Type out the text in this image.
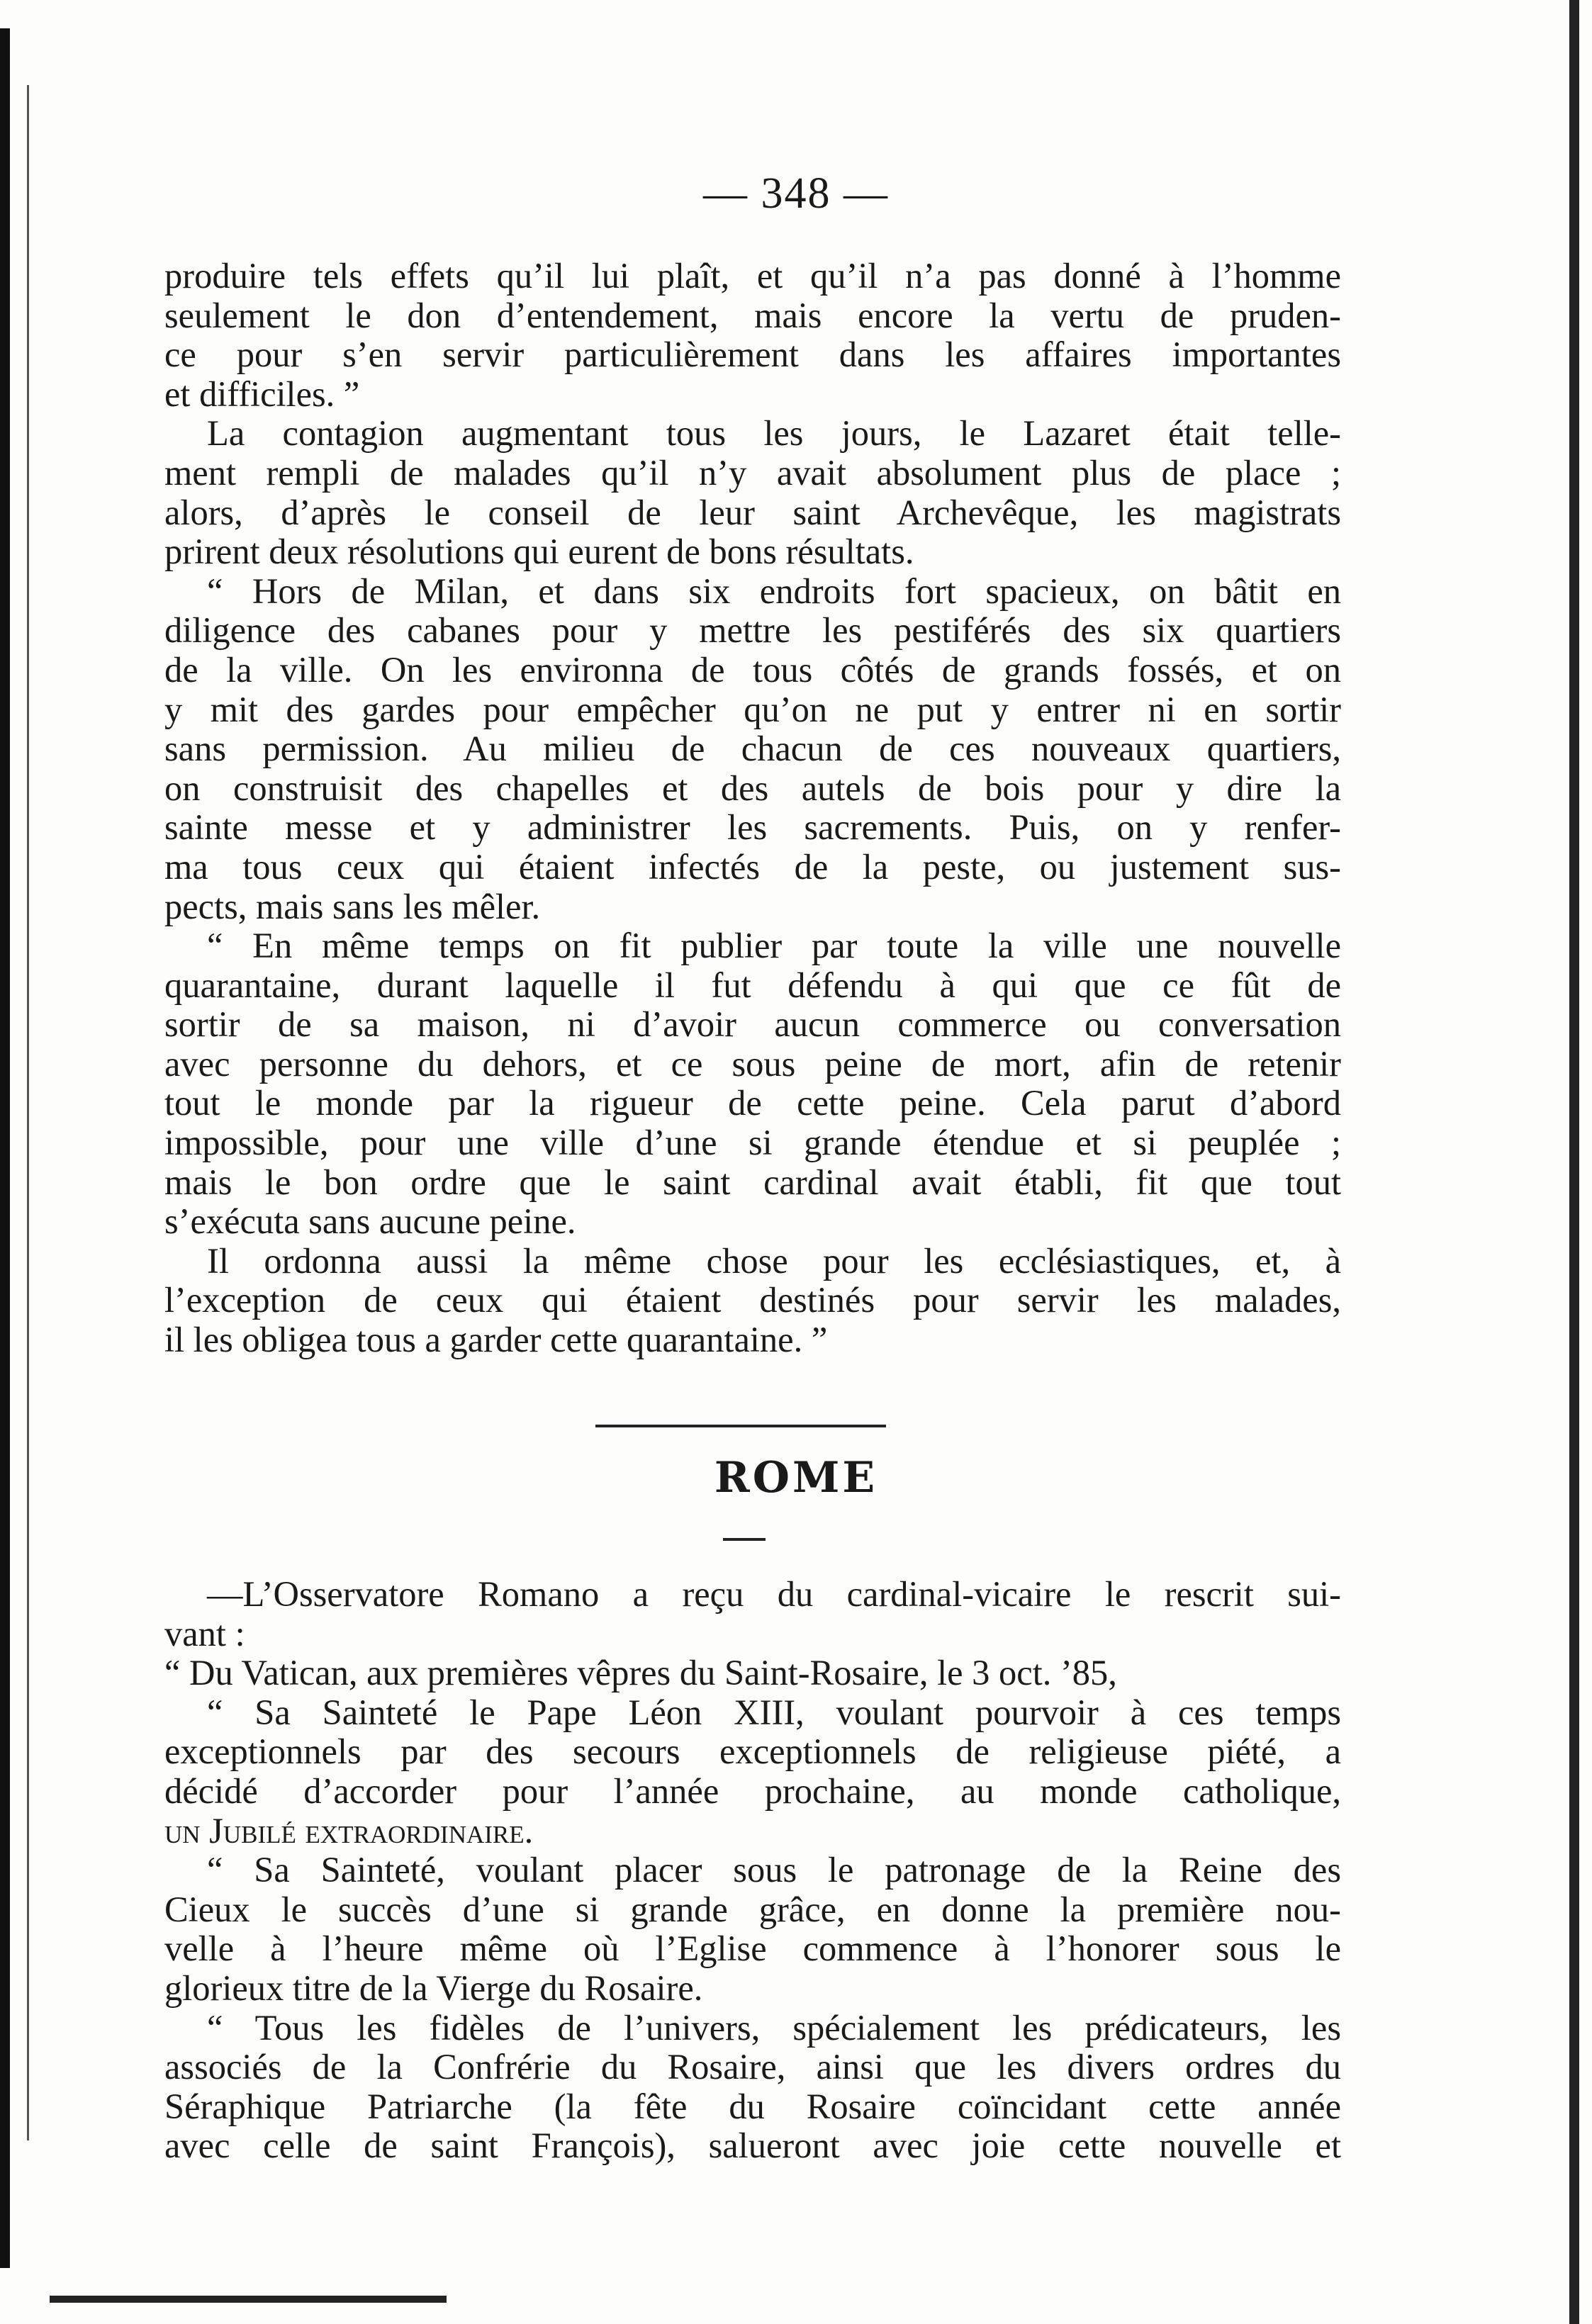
— 348 —

produire tels effets qu’il lui plaît, et qu’il n’a pas donné à l’homme
seulement le don d’entendement, mais encore la vertu de pruden-
ce pour s’en servir particulièrement dans les affaires importantes
et difficiles. ”

La contagion augmentant tous les jours, le Lazaret était telle-
ment rempli de malades qu’il n’y avait absolument plus de place ;
alors, d’après le conseil de leur saint Archevêque, les magistrats
prirent deux résolutions qui eurent de bons résultats.

“ Hors de Milan, et dans six endroits fort spacieux, on bâtit en
diligence des cabanes pour y mettre les pestiférés des six quartiers
de la ville. On les environna de tous côtés de grands fossés, et on
y mit des gardes pour empêcher qu’on ne put y entrer ni en sortir
sans permission. Au milieu de chacun de ces nouveaux quartiers,
on construisit des chapelles et des autels de bois pour y dire la
sainte messe et y administrer les sacrements. Puis, on y renfer-
ma tous ceux qui étaient infectés de la peste, ou justement sus-
pects, mais sans les mêler.

“ En même temps on fit publier par toute la ville une nouvelle
quarantaine, durant laquelle il fut défendu à qui que ce fût de
sortir de sa maison, ni d’avoir aucun commerce ou conversation
avec personne du dehors, et ce sous peine de mort, afin de retenir
tout le monde par la rigueur de cette peine. Cela parut d’abord
impossible, pour une ville d’une si grande étendue et si peuplée ;
mais le bon ordre que le saint cardinal avait établi, fit que tout
s’exécuta sans aucune peine.

Il ordonna aussi la même chose pour les ecclésiastiques, et, à
l’exception de ceux qui étaient destinés pour servir les malades,
il les obligea tous a garder cette quarantaine. ”

ROME

—L’Osservatore Romano a reçu du cardinal-vicaire le rescrit sui-
vant :

“ Du Vatican, aux premières vêpres du Saint-Rosaire, le 3 oct. ’85,

“ Sa Sainteté le Pape Léon XIII, voulant pourvoir à ces temps
exceptionnels par des secours exceptionnels de religieuse piété, a
décidé d’accorder pour l’année prochaine, au monde catholique,
un Jubilé extraordinaire.

“ Sa Sainteté, voulant placer sous le patronage de la Reine des
Cieux le succès d’une si grande grâce, en donne la première nou-
velle à l’heure même où l’Eglise commence à l’honorer sous le
glorieux titre de la Vierge du Rosaire.

“ Tous les fidèles de l’univers, spécialement les prédicateurs, les
associés de la Confrérie du Rosaire, ainsi que les divers ordres du
Séraphique Patriarche (la fête du Rosaire coïncidant cette année
avec celle de saint François), salueront avec joie cette nouvelle et
